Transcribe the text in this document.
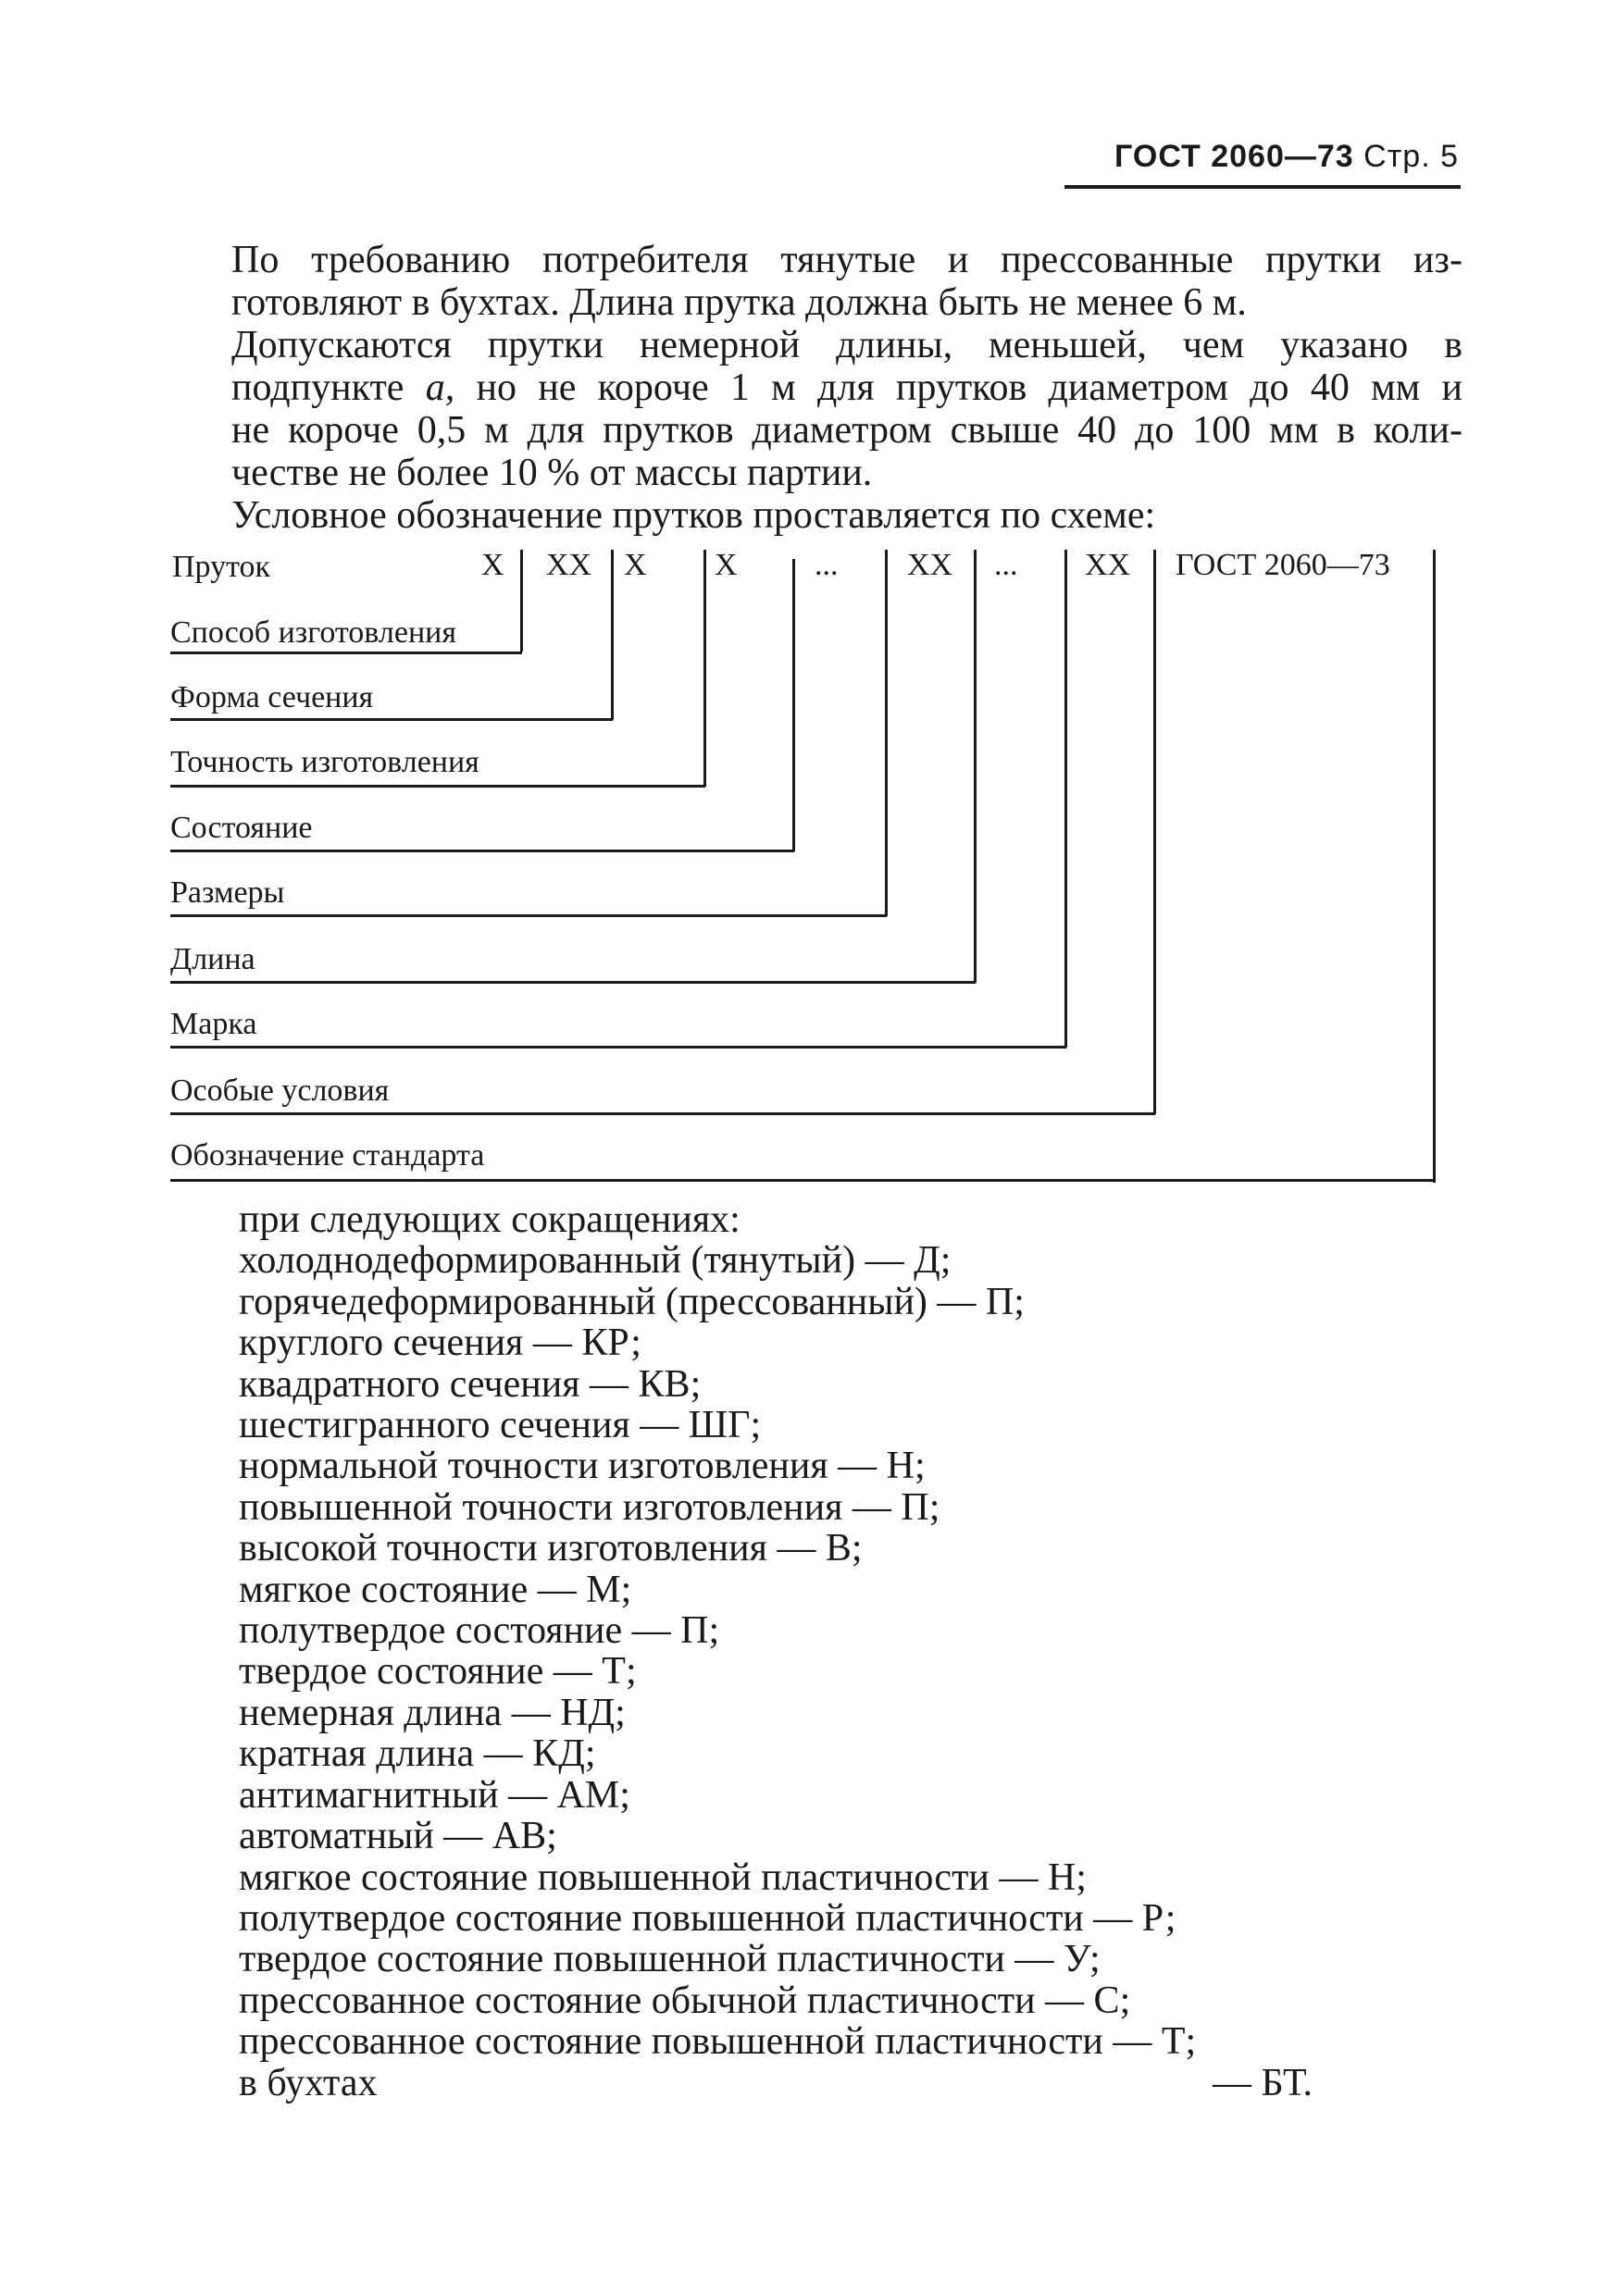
ГОСТ 2060—73 Стр. 5
По требованию потребителя тянутые и прессованные прутки из-
готовляют в бухтах. Длина прутка должна быть не менее 6 м.
Допускаются прутки немерной длины, меньшей, чем указано в
подпункте а, но не короче 1 м для прутков диаметром до 40 мм и
не короче 0,5 м для прутков диаметром свыше 40 до 100 мм в коли-
честве не более 10 % от массы партии.
Условное обозначение прутков проставляется по схеме:
Пруток	X XX X X ... XX ... XX ГОСТ 2060—73
Способ изготовления
Форма сечения
Точность изготовления
Состояние
Размеры
Длина
Марка
Особые условия
Обозначение стандарта
при следующих сокращениях:
холоднодеформированный (тянутый) — Д;
горячедеформированный (прессованный) — П;
круглого сечения — КР;
квадратного сечения — КВ;
шестигранного сечения — ШГ;
нормальной точности изготовления — Н;
повышенной точности изготовления — П;
высокой точности изготовления — В;
мягкое состояние — М;
полутвердое состояние — П;
твердое состояние — Т;
немерная длина — НД;
кратная длина — КД;
антимагнитный — АМ;
автоматный — АВ;
мягкое состояние повышенной пластичности — Н;
полутвердое состояние повышенной пластичности — Р;
твердое состояние повышенной пластичности — У;
прессованное состояние обычной пластичности — С;
прессованное состояние повышенной пластичности — Т;
в бухтах	— БТ.
